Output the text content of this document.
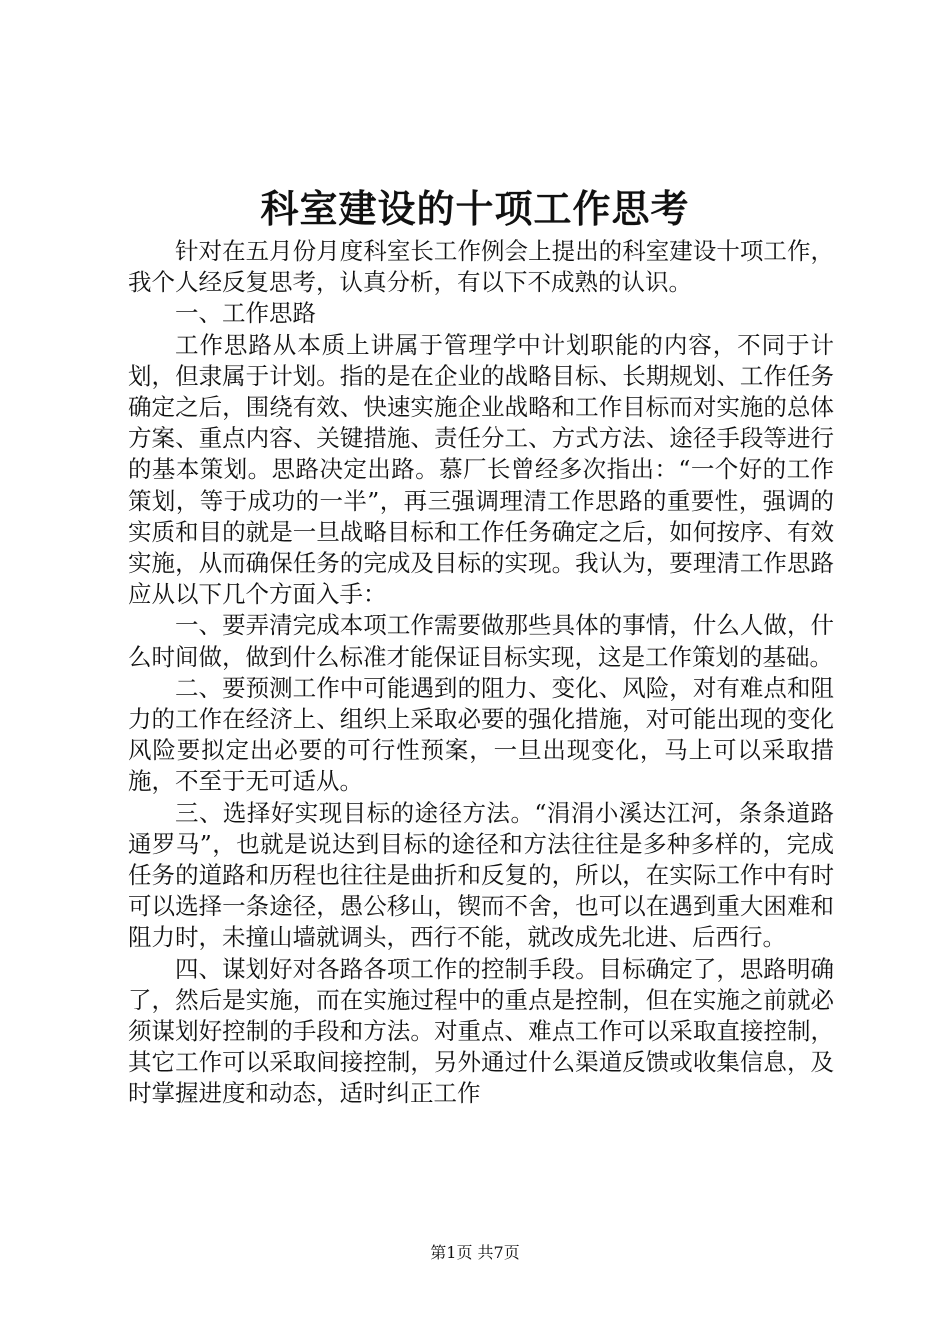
科室建设的十项工作思考

针对在五月份月度科室长工作例会上提出的科室建设十项工作，我个人经反复思考，认真分析，有以下不成熟的认识。

一、工作思路

工作思路从本质上讲属于管理学中计划职能的内容，不同于计划，但隶属于计划。指的是在企业的战略目标、长期规划、工作任务确定之后，围绕有效、快速实施企业战略和工作目标而对实施的总体方案、重点内容、关键措施、责任分工、方式方法、途径手段等进行的基本策划。思路决定出路。慕厂长曾经多次指出：“一个好的工作策划，等于成功的一半”，再三强调理清工作思路的重要性，强调的实质和目的就是一旦战略目标和工作任务确定之后，如何按序、有效实施，从而确保任务的完成及目标的实现。我认为，要理清工作思路应从以下几个方面入手：

一、要弄清完成本项工作需要做那些具体的事情，什么人做，什么时间做，做到什么标准才能保证目标实现，这是工作策划的基础。

二、要预测工作中可能遇到的阻力、变化、风险，对有难点和阻力的工作在经济上、组织上采取必要的强化措施，对可能出现的变化风险要拟定出必要的可行性预案，一旦出现变化，马上可以采取措施，不至于无可适从。

三、选择好实现目标的途径方法。“涓涓小溪达江河，条条道路通罗马”，也就是说达到目标的途径和方法往往是多种多样的，完成任务的道路和历程也往往是曲折和反复的，所以，在实际工作中有时可以选择一条途径，愚公移山，锲而不舍，也可以在遇到重大困难和阻力时，未撞山墙就调头，西行不能，就改成先北进、后西行。

四、谋划好对各路各项工作的控制手段。目标确定了，思路明确了，然后是实施，而在实施过程中的重点是控制，但在实施之前就必须谋划好控制的手段和方法。对重点、难点工作可以采取直接控制，其它工作可以采取间接控制，另外通过什么渠道反馈或收集信息，及时掌握进度和动态，适时纠正工作

第1页 共7页
